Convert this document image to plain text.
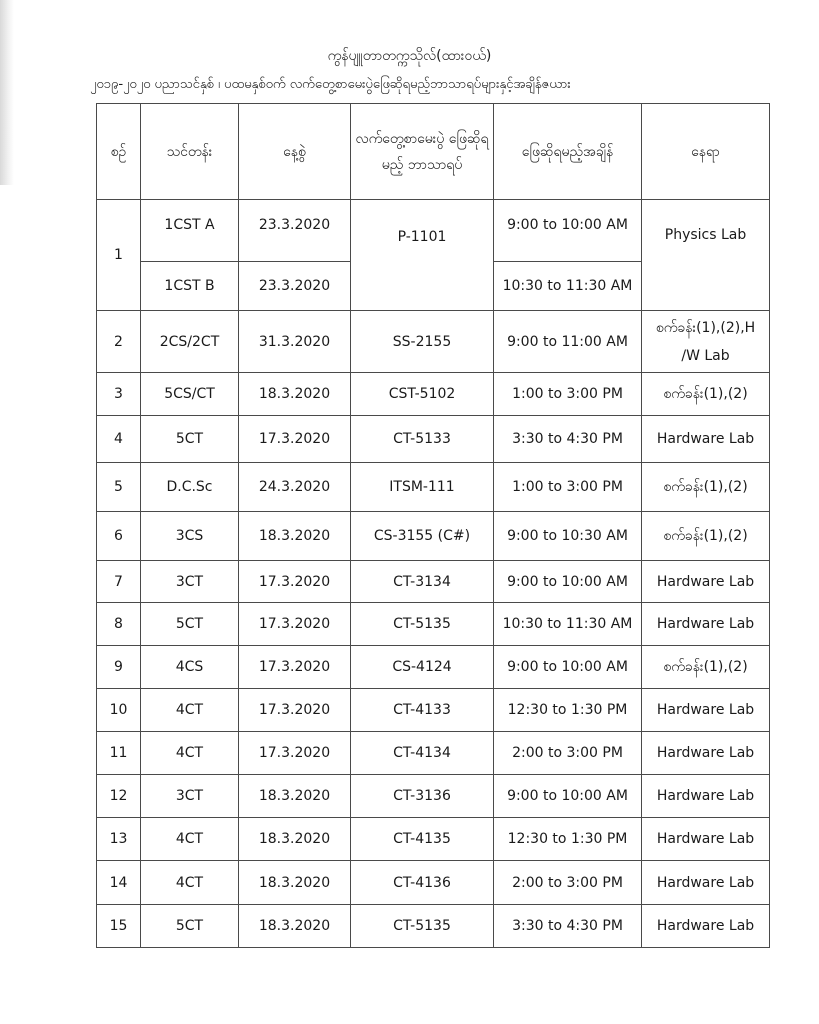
ကွန်ပျူတာတက္ကသိုလ်(ထားဝယ်)
၂၀၁၉-၂၀၂၀ ပညာသင်နှစ် ၊ ပထမနှစ်ဝက် လက်တွေ့စာမေးပွဲဖြေဆိုရမည့်ဘာသာရပ်များနှင့်အချိန်ဇယား
စဉ်	သင်တန်း	နေ့စွဲ	လက်တွေ့စာမေးပွဲ ဖြေဆိုရမည့် ဘာသာရပ်	ဖြေဆိုရမည့်အချိန်	နေရာ
1	1CST A	23.3.2020	P-1101	9:00 to 10:00 AM	Physics Lab
	1CST B	23.3.2020		10:30 to 11:30 AM	
2	2CS/2CT	31.3.2020	SS-2155	9:00 to 11:00 AM	စက်ခန်း(1),(2),H
/W Lab

3	5CS/CT	18.3.2020	CST-5102	1:00 to 3:00 PM	စက်ခန်း(1),(2)
4	5CT	17.3.2020	CT-5133	3:30 to 4:30 PM	Hardware Lab
5	D.C.Sc	24.3.2020	ITSM-111	1:00 to 3:00 PM	စက်ခန်း(1),(2)
6	3CS	18.3.2020	CS-3155 (C#)	9:00 to 10:30 AM	စက်ခန်း(1),(2)
7	3CT	17.3.2020	CT-3134	9:00 to 10:00 AM	Hardware Lab
8	5CT	17.3.2020	CT-5135	10:30 to 11:30 AM	Hardware Lab
9	4CS	17.3.2020	CS-4124	9:00 to 10:00 AM	စက်ခန်း(1),(2)
10	4CT	17.3.2020	CT-4133	12:30 to 1:30 PM	Hardware Lab
11	4CT	17.3.2020	CT-4134	2:00 to 3:00 PM	Hardware Lab
12	3CT	18.3.2020	CT-3136	9:00 to 10:00 AM	Hardware Lab
13	4CT	18.3.2020	CT-4135	12:30 to 1:30 PM	Hardware Lab
14	4CT	18.3.2020	CT-4136	2:00 to 3:00 PM	Hardware Lab
15	5CT	18.3.2020	CT-5135	3:30 to 4:30 PM	Hardware Lab
